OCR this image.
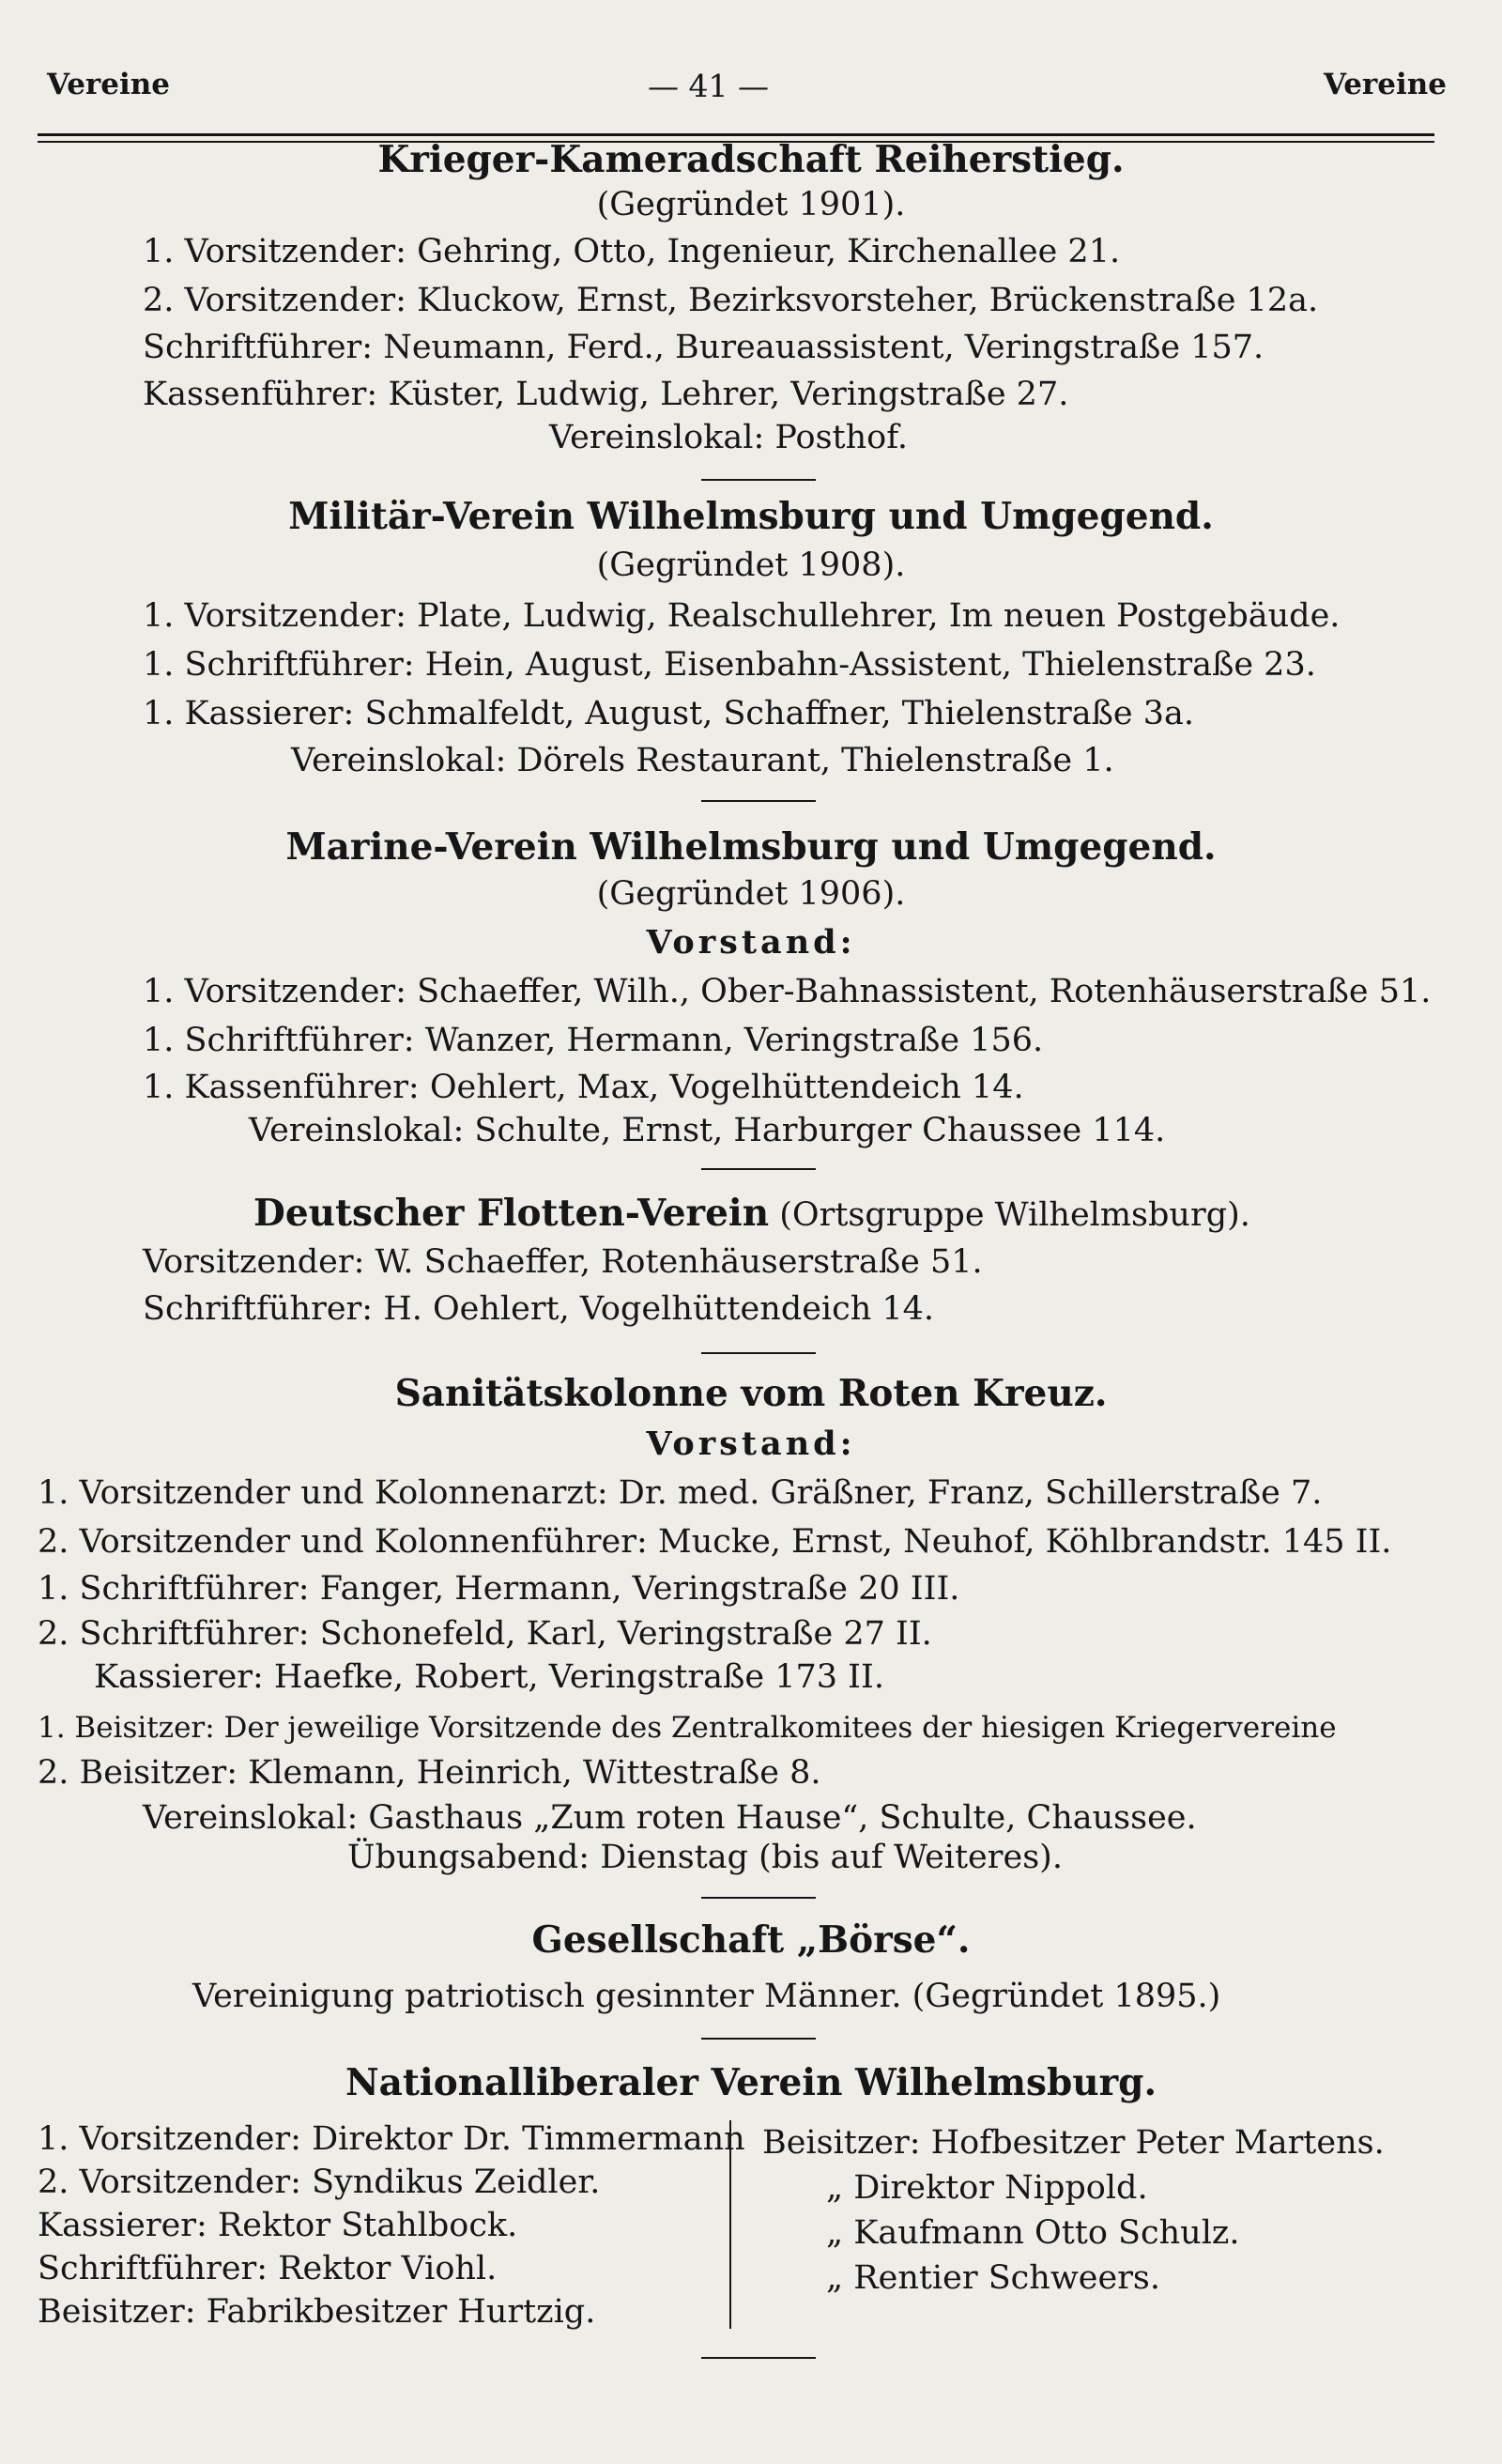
Vereine	— 41 —	Vereine
Krieger-Kameradschaft Reiherstieg.
(Gegründet 1901).
1. Vorsitzender: Gehring, Otto, Ingenieur, Kirchenallee 21.
2. Vorsitzender: Kluckow, Ernst, Bezirksvorsteher, Brückenstraße 12a.
Schriftführer: Neumann, Ferd., Bureauassistent, Veringstraße 157.
Kassenführer: Küster, Ludwig, Lehrer, Veringstraße 27.
Vereinslokal: Posthof.
Militär-Verein Wilhelmsburg und Umgegend.
(Gegründet 1908).
1. Vorsitzender: Plate, Ludwig, Realschullehrer, Im neuen Postgebäude.
1. Schriftführer: Hein, August, Eisenbahn-Assistent, Thielenstraße 23.
1. Kassierer: Schmalfeldt, August, Schaffner, Thielenstraße 3a.
Vereinslokal: Dörels Restaurant, Thielenstraße 1.
Marine-Verein Wilhelmsburg und Umgegend.
(Gegründet 1906).
Vorstand:
1. Vorsitzender: Schaeffer, Wilh., Ober-Bahnassistent, Rotenhäuserstraße 51.
1. Schriftführer: Wanzer, Hermann, Veringstraße 156.
1. Kassenführer: Oehlert, Max, Vogelhüttendeich 14.
Vereinslokal: Schulte, Ernst, Harburger Chaussee 114.
Deutscher Flotten-Verein (Ortsgruppe Wilhelmsburg).
Vorsitzender: W. Schaeffer, Rotenhäuserstraße 51.
Schriftführer: H. Oehlert, Vogelhüttendeich 14.
Sanitätskolonne vom Roten Kreuz.
Vorstand:
1. Vorsitzender und Kolonnenarzt: Dr. med. Gräßner, Franz, Schillerstraße 7.
2. Vorsitzender und Kolonnenführer: Mucke, Ernst, Neuhof, Köhlbrandstr. 145 II.
1. Schriftführer: Fanger, Hermann, Veringstraße 20 III.
2. Schriftführer: Schonefeld, Karl, Veringstraße 27 II.
Kassierer: Haefke, Robert, Veringstraße 173 II.
1. Beisitzer: Der jeweilige Vorsitzende des Zentralkomitees der hiesigen Kriegervereine
2. Beisitzer: Klemann, Heinrich, Wittestraße 8.
Vereinslokal: Gasthaus „Zum roten Hause“, Schulte, Chaussee.
Übungsabend: Dienstag (bis auf Weiteres).
Gesellschaft „Börse“.
Vereinigung patriotisch gesinnter Männer. (Gegründet 1895.)
Nationalliberaler Verein Wilhelmsburg.
1. Vorsitzender: Direktor Dr. Timmermann
2. Vorsitzender: Syndikus Zeidler.
Kassierer: Rektor Stahlbock.
Schriftführer: Rektor Viohl.
Beisitzer: Fabrikbesitzer Hurtzig.
Beisitzer: Hofbesitzer Peter Martens.
„ Direktor Nippold.
„ Kaufmann Otto Schulz.
„ Rentier Schweers.
